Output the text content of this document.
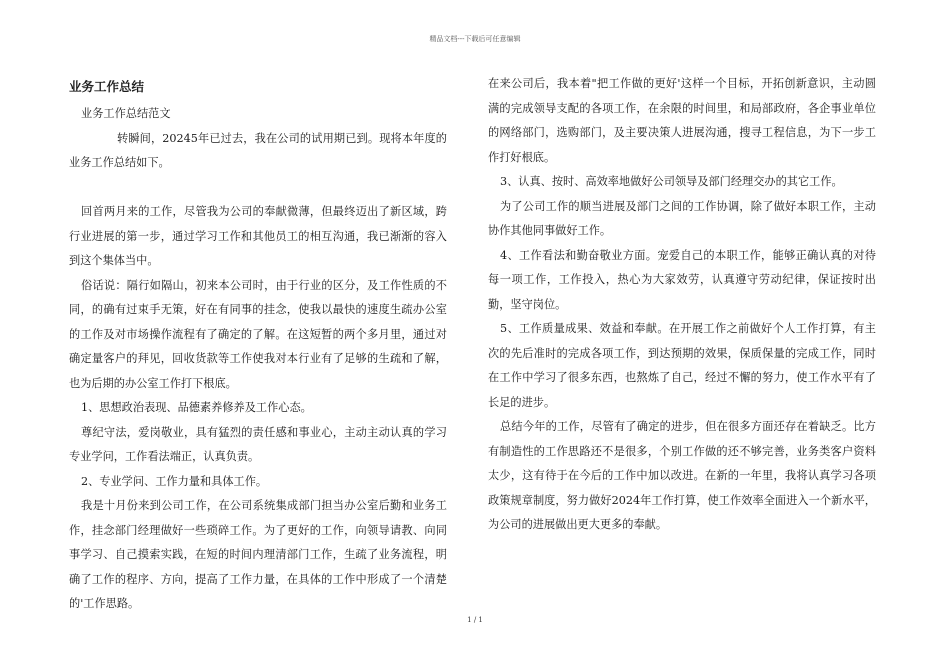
精品文档---下载后可任意编辑
业务工作总结

业务工作总结范文

转瞬间，20245年已过去，我在公司的试用期已到。现将本年度的业务工作总结如下。

回首两月来的工作，尽管我为公司的奉献微薄，但最终迈出了新区域，跨行业进展的第一步，通过学习工作和其他员工的相互沟通，我已渐渐的容入到这个集体当中。

俗话说：隔行如隔山，初来本公司时，由于行业的区分，及工作性质的不同，的确有过束手无策，好在有同事的挂念，使我以最快的速度生疏办公室的工作及对市场操作流程有了确定的了解。在这短暂的两个多月里，通过对确定量客户的拜见，回收货款等工作使我对本行业有了足够的生疏和了解，也为后期的办公室工作打下根底。

1、思想政治表现、品德素养修养及工作心态。

尊纪守法，爱岗敬业，具有猛烈的责任感和事业心，主动主动认真的学习专业学问，工作看法端正，认真负责。

2、专业学问、工作力量和具体工作。

我是十月份来到公司工作，在公司系统集成部门担当办公室后勤和业务工作，挂念部门经理做好一些琐碎工作。为了更好的工作，向领导请教、向同事学习、自己摸索实践，在短的时间内理清部门工作，生疏了业务流程，明确了工作的程序、方向，提高了工作力量，在具体的工作中形成了一个清楚的'工作思路。

在来公司后，我本着"把工作做的更好'这样一个目标，开拓创新意识，主动圆满的完成领导支配的各项工作，在余限的时间里，和局部政府，各企事业单位的网络部门，选购部门，及主要决策人进展沟通，搜寻工程信息，为下一步工作打好根底。

3、认真、按时、高效率地做好公司领导及部门经理交办的其它工作。

为了公司工作的顺当进展及部门之间的工作协调，除了做好本职工作，主动协作其他同事做好工作。

4、工作看法和勤奋敬业方面。宠爱自己的本职工作，能够正确认真的对待每一项工作，工作投入，热心为大家效劳，认真遵守劳动纪律，保证按时出勤，坚守岗位。

5、工作质量成果、效益和奉献。在开展工作之前做好个人工作打算，有主次的先后准时的完成各项工作，到达预期的效果，保质保量的完成工作，同时在工作中学习了很多东西，也熬炼了自己，经过不懈的努力，使工作水平有了长足的进步。

总结今年的工作，尽管有了确定的进步，但在很多方面还存在着缺乏。比方有制造性的工作思路还不是很多，个别工作做的还不够完善，业务类客户资料太少，这有待于在今后的工作中加以改进。在新的一年里，我将认真学习各项政策规章制度，努力做好2024年工作打算，使工作效率全面进入一个新水平，为公司的进展做出更大更多的奉献。

1 / 1
